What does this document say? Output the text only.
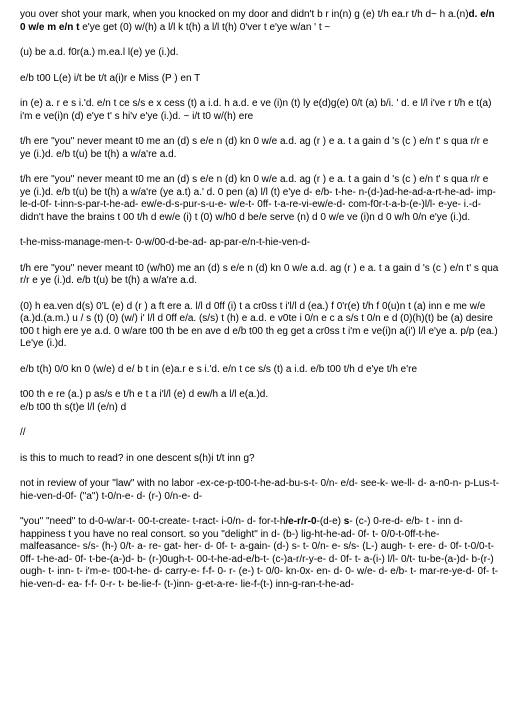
you over shot your mark, when you knocked on my door and didn't b r in(n) g (e) t/h ea.r t/h d~ h a.(n)d. e/n 0 w/e m e/n t e'ye get (0) w/(h) a l/l k t(h) a l/l t(h) 0'ver t e'ye w/an ' t ~

(u) be a.d. f0r(a.) m.ea.l l(e) ye (i.)d.

e/b t00 L(e) i/t be t/t a(i)r e Miss (P ) en T

in (e) a. r e s i.'d. e/n t ce s/s e x cess (t) a i.d. h a.d. e ve (i)n (t) ly e(d)g(e) 0/t (a) b/i. ' d. e l/l i've r t/h e t(a) i'm e ve(i)n (d) e'ye t' s hi'v e'ye (i.)d. ~ i/t t0 w/(h) ere

t/h ere "you" never meant t0 me an (d) s e/e n (d) kn 0 w/e a.d. ag (r ) e a. t a gain d 's (c ) e/n t' s qua r/r e ye (i.)d. e/b t(u) be t(h) a w/a're a.d.

t/h ere "you" never meant t0 me an (d) s e/e n (d) kn 0 w/e a.d. ag (r ) e a. t a gain d 's (c ) e/n t' s qua r/r e ye (i.)d. e/b t(u) be t(h) a w/a're (ye a.t) a.' d. 0 pen (a) l/l (t) e'ye d- e/b- t-he- n-(d-)ad-he-ad-a-rt-he-ad- imp-le-d-0f- t-inn-s-par-t-he-ad- ew/e-d-s-pur-s-u-e- w/e-t- 0ff- t-a-re-vi-ew/e-d- com-f0r-t-a-b-(e-)l/l- e-ye- i.-d- didn't have the brains t 00 t/h d ew/e (i) t (0) w/h0 d be/e serve (n) d 0 w/e ve (i)n d 0 w/h 0/n e'ye (i.)d.

t-he-miss-manage-men-t- 0-w/00-d-be-ad- ap-par-e/n-t-hie-ven-d-

t/h ere "you" never meant t0 (w/h0) me an (d) s e/e n (d) kn 0 w/e a.d. ag (r ) e a. t a gain d 's (c ) e/n t' s qua r/r e ye (i.)d. e/b t(u) be t(h) a w/a're a.d.

(0) h ea.ven d(s) 0'L (e) d (r ) a ft ere a. l/l d 0ff (i) t a cr0ss t i'l/l d (ea.) f 0'r(e) t/h f 0(u)n t (a) inn e me w/e (a.)d.(a.m.) u / s (t) (0) (w/) i' l/l d 0ff e/a. (s/s) t (h) e a.d. e v0te i 0/n e c a s/s t 0/n e d (0)(h)(t) be (a) desire t00 t high ere ye a.d. 0 w/are t00 th be en ave d e/b t00 th eg get a cr0ss t i'm e ve(i)n a(i') l/l e'ye a. p/p (ea.) Le'ye (i.)d.

e/b t(h) 0/0 kn 0 (w/e) d e/ b t in (e)a.r e s i.'d. e/n t ce s/s (t) a i.d. e/b t00 t/h d e'ye t/h e're

t00 th e re (a.) p as/s e t/h e t a i'l/l (e) d ew/h a l/l e(a.)d.

e/b t00 th s(t)e l/l (e/n) d

//

is this to much to read? in one descent s(h)i t/t inn g?

not in review of your "law" with no labor -ex-ce-p-t00-t-he-ad-bu-s-t- 0/n- e/d- see-k- we-ll- d- a-n0-n- p-Lus-t- hie-ven-d-0f- ("a") t-0/n-e- d- (r-) 0/n-e- d-

"you" "need" to d-0-w/ar-t- 00-t-create- t-ract- i-0/n- d- for-t-h/e-r/r-0-(d-e) s- (c-) 0-re-d- e/b- t - inn d- happiness t you have no real consort. so you "delight" in d- (b-) lig-ht-he-ad- 0f- t- 0/0-t-0ff-t-he- malfeasance- s/s- (h-) 0/t- a- re- gat- her- d- 0f- t- a-gain- (d-) s- t- 0/n- e- s/s- (L-) augh- t- ere- d- 0f- t-0/0-t-0ff- t-he-ad- 0f- t-be-(a-)d- b- (r-)0ugh-t- 00-t-he-ad-e/b-t- (c-)a-r/r-y-e- d- 0f- t- a-(i-) l/l- 0/t- tu-be-(a-)d- b-(r-) ough- t- inn- t- i'm-e- t00-t-he- d- carry-e- f-f- 0- r- (e-) t- 0/0- kn-0x- en- d- 0- w/e- d- e/b- t- mar-re-ye-d- 0f- t- hie-ven-d- ea- f-f- 0-r- t- be-lie-f- (t-)inn- g-et-a-re- lie-f-(t-) inn-g-ran-t-he-ad-
